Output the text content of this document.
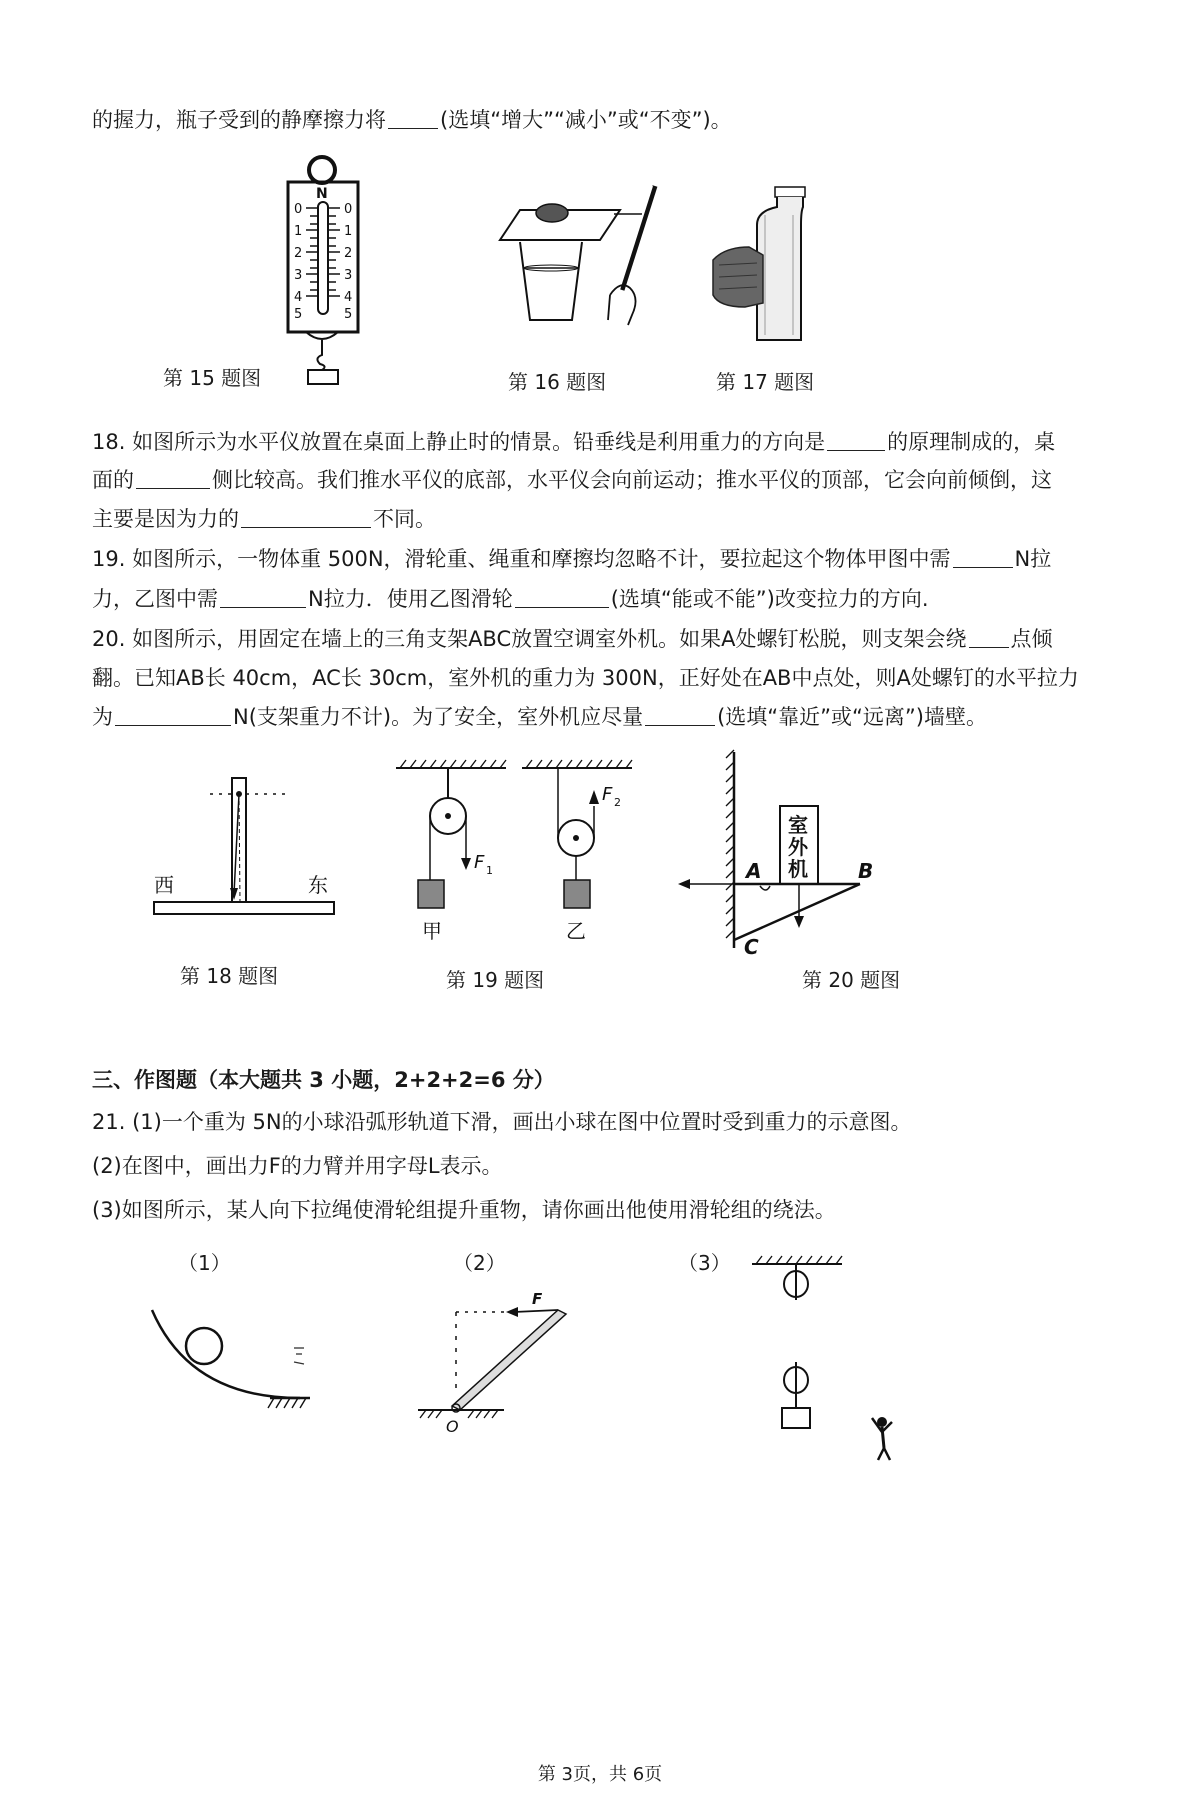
的握力，瓶子受到的静摩擦力将	(选填“增大”“减小”或“不变”)。
N
0	0
1	1
2	2
3	3
4	4
5	5
第 15 题图	第 16 题图	第 17 题图
18. 如图所示为水平仪放置在桌面上静止时的情景。铅垂线是利用重力的方向是	的原理制成的，桌
面的	侧比较高。我们推水平仪的底部，水平仪会向前运动；推水平仪的顶部，它会向前倾倒，这
主要是因为力的	不同。
19. 如图所示，一物体重 500N，滑轮重、绳重和摩擦均忽略不计，要拉起这个物体甲图中需	N拉
力，乙图中需	N拉力．使用乙图滑轮	(选填“能或不能”)改变拉力的方向.
20. 如图所示，用固定在墙上的三角支架ABC放置空调室外机。如果A处螺钉松脱，则支架会绕 点倾
翻。已知AB长 40cm，AC长 30cm，室外机的重力为 300N，正好处在AB中点处，则A处螺钉的水平拉力
为	N(支架重力不计)。为了安全，室外机应尽量	(选填“靠近”或“远离”)墙壁。
西	东
第 18 题图
F 1
甲
F 2
乙
第 19 题图
室
外
机
A	B
C
第 20 题图
三、作图题（本大题共 3 小题，2+2+2=6 分）
21. (1)一个重为 5N的小球沿弧形轨道下滑，画出小球在图中位置时受到重力的示意图。
(2)在图中，画出力F的力臂并用字母L表示。
(3)如图所示，某人向下拉绳使滑轮组提升重物，请你画出他使用滑轮组的绕法。
（1）	（2）	（3）
F
O
第 3页，共 6页
